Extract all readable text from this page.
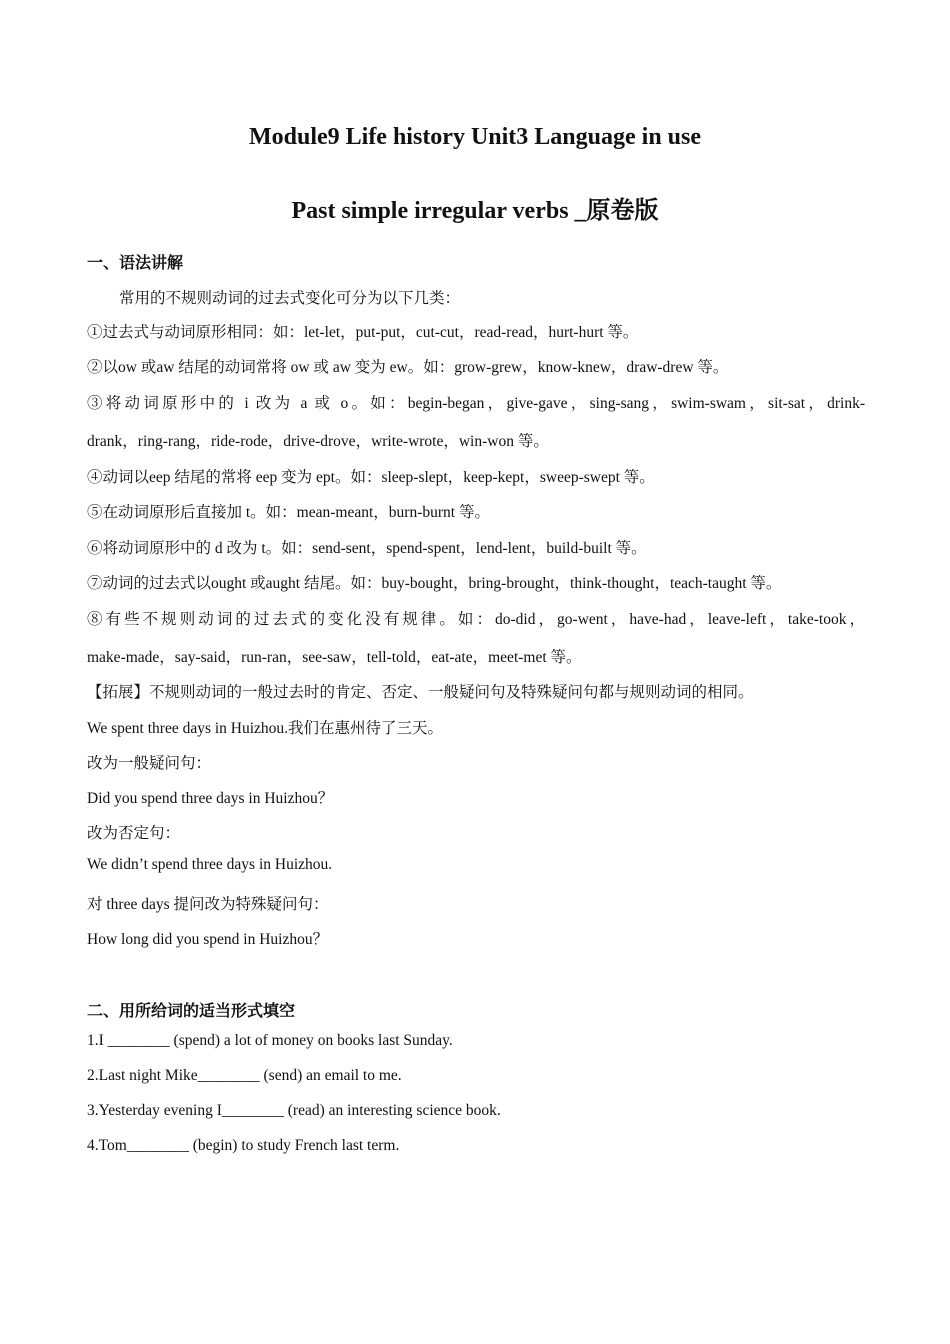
Module9 Life history Unit3 Language in use
Past simple irregular verbs _原卷版
一、语法讲解
常用的不规则动词的过去式变化可分为以下几类：
①过去式与动词原形相同：如：let-let，put-put，cut-cut，read-read，hurt-hurt 等。
②以ow 或aw 结尾的动词常将 ow 或 aw 变为 ew。如：grow-grew，know-knew，draw-drew 等。
③将动词原形中的 i 改为 a 或 o。如：begin-began，give-gave，sing-sang，swim-swam，sit-sat，drink-
drank，ring-rang，ride-rode，drive-drove，write-wrote，win-won 等。
④动词以eep 结尾的常将 eep 变为 ept。如：sleep-slept，keep-kept，sweep-swept 等。
⑤在动词原形后直接加 t。如：mean-meant，burn-burnt 等。
⑥将动词原形中的 d 改为 t。如：send-sent，spend-spent，lend-lent，build-built 等。
⑦动词的过去式以ought 或aught 结尾。如：buy-bought，bring-brought，think-thought，teach-taught 等。
⑧有些不规则动词的过去式的变化没有规律。如：do-did，go-went，have-had，leave-left，take-took，
make-made，say-said，run-ran，see-saw，tell-told，eat-ate，meet-met 等。
【拓展】不规则动词的一般过去时的肯定、否定、一般疑问句及特殊疑问句都与规则动词的相同。
We spent three days in Huizhou.我们在惠州待了三天。
改为一般疑问句：
Did you spend three days in Huizhou？
改为否定句：
We didn’t spend three days in Huizhou.
对 three days 提问改为特殊疑问句：
How long did you spend in Huizhou？
二、用所给词的适当形式填空
1.I ________ (spend) a lot of money on books last Sunday.
2.Last night Mike________ (send) an email to me.
3.Yesterday evening I________ (read) an interesting science book.
4.Tom________ (begin) to study French last term.
